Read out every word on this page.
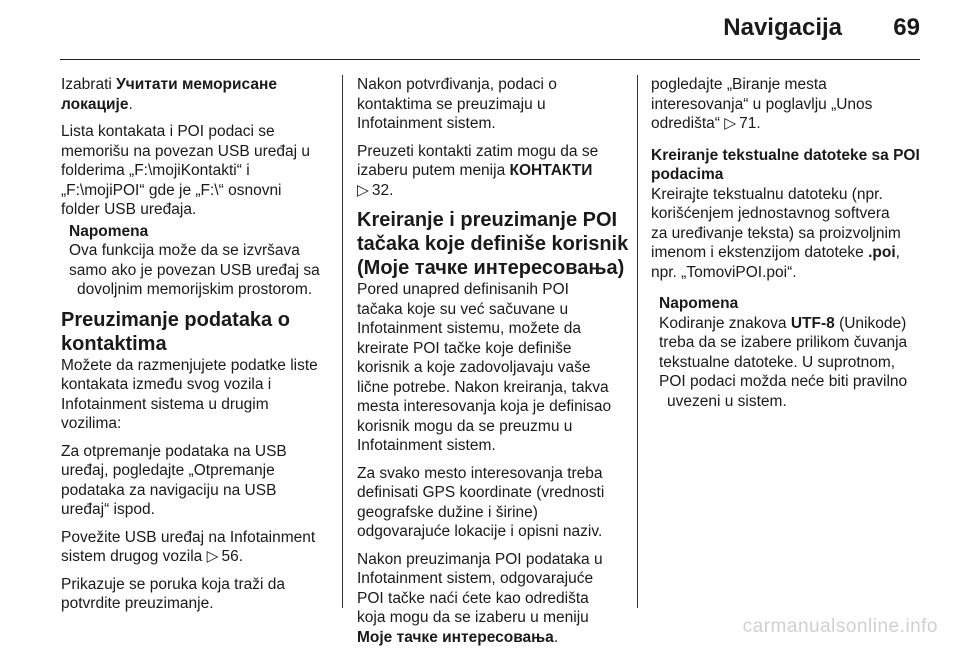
Navigacija 69
Izabrati Учитати меморисане
локације.
Lista kontakata i POI podaci se
memorišu na povezan USB uređaj u
folderima „F:\mojiKontakti“ i
„F:\mojiPOI“ gde je „F:\“ osnovni
folder USB uređaja.
Napomena
Ova funkcija može da se izvršava
samo ako je povezan USB uređaj sa
dovoljnim memorijskim prostorom.
Preuzimanje podataka o
kontaktima
Možete da razmenjujete podatke liste
kontakata između svog vozila i
Infotainment sistema u drugim
vozilima:
Za otpremanje podataka na USB
uređaj, pogledajte „Otpremanje
podataka za navigaciju na USB
uređaj“ ispod.
Povežite USB uređaj na Infotainment
sistem drugog vozila ▷ 56.
Prikazuje se poruka koja traži da
potvrdite preuzimanje.
Nakon potvrđivanja, podaci o
kontaktima se preuzimaju u
Infotainment sistem.
Preuzeti kontakti zatim mogu da se
izaberu putem menija КОНТАКТИ
▷ 32.
Kreiranje i preuzimanje POI
tačaka koje definiše korisnik
(Моје тачке интересовања)
Pored unapred definisanih POI
tačaka koje su već sačuvane u
Infotainment sistemu, možete da
kreirate POI tačke koje definiše
korisnik a koje zadovoljavaju vaše
lične potrebe. Nakon kreiranja, takva
mesta interesovanja koja je definisao
korisnik mogu da se preuzmu u
Infotainment sistem.
Za svako mesto interesovanja treba
definisati GPS koordinate (vrednosti
geografske dužine i širine)
odgovarajuće lokacije i opisni naziv.
Nakon preuzimanja POI podataka u
Infotainment sistem, odgovarajuće
POI tačke naći ćete kao odredišta
koja mogu da se izaberu u meniju
Моје тачке интересовања.
pogledajte „Biranje mesta
interesovanja“ u poglavlju „Unos
odredišta“ ▷ 71.
Kreiranje tekstualne datoteke sa POI
podacima
Kreirajte tekstualnu datoteku (npr.
korišćenjem jednostavnog softvera
za uređivanje teksta) sa proizvoljnim
imenom i ekstenzijom datoteke .poi,
npr. „TomoviPOI.poi“.
Napomena
Kodiranje znakova UTF-8 (Unikode)
treba da se izabere prilikom čuvanja
tekstualne datoteke. U suprotnom,
POI podaci možda neće biti pravilno
uvezeni u sistem.
carmanualsonline.info
